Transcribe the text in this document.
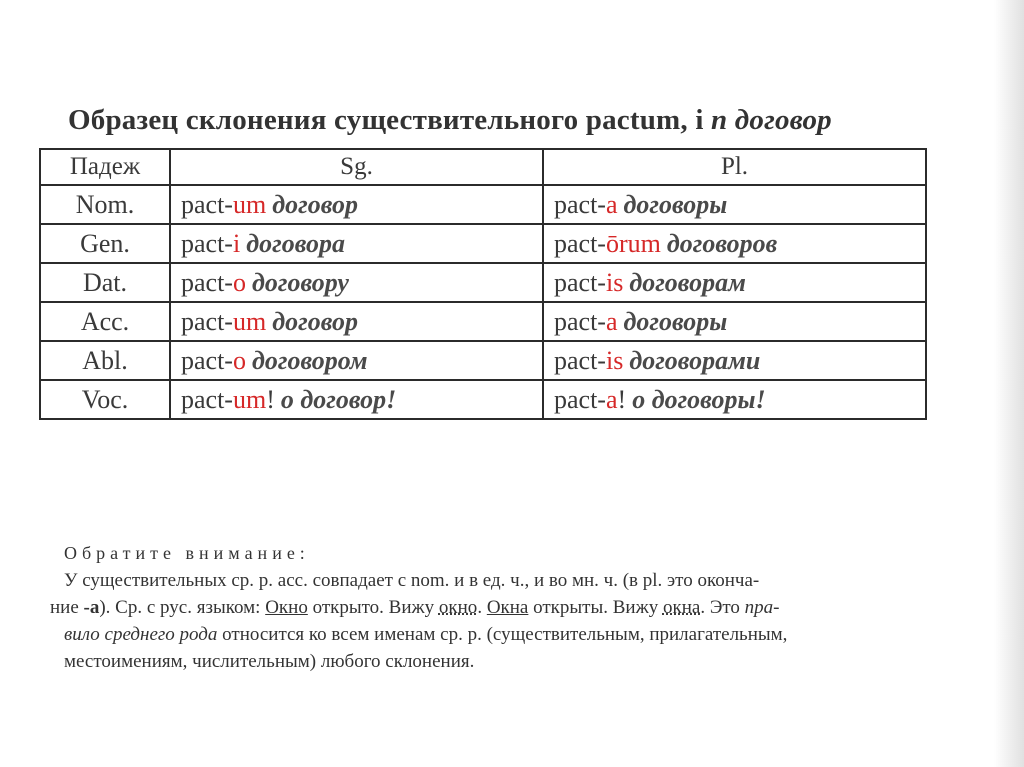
Образец склонения существительного pactum, i n договор
Падеж	Sg.	Pl.
Nom.	pact-um договор	pact-a договоры
Gen.	pact-i договора	pact-ōrum договоров
Dat.	pact-o договору	pact-is договорам
Acc.	pact-um договор	pact-a договоры
Abl.	pact-o договором	pact-is договорами
Voc.	pact-um! о договор!	pact-a! о договоры!
Обратите внимание:

У существительных ср. р. acc. совпадает с nom. и в ед. ч., и во мн. ч. (в pl. это оконча-
ние -a). Ср. с рус. языком: Окно открыто. Вижу окно. Окна открыты. Вижу окна. Это пра-
вило среднего рода относится ко всем именам ср. р. (существительным, прилагательным,
местоимениям, числительным) любого склонения.
